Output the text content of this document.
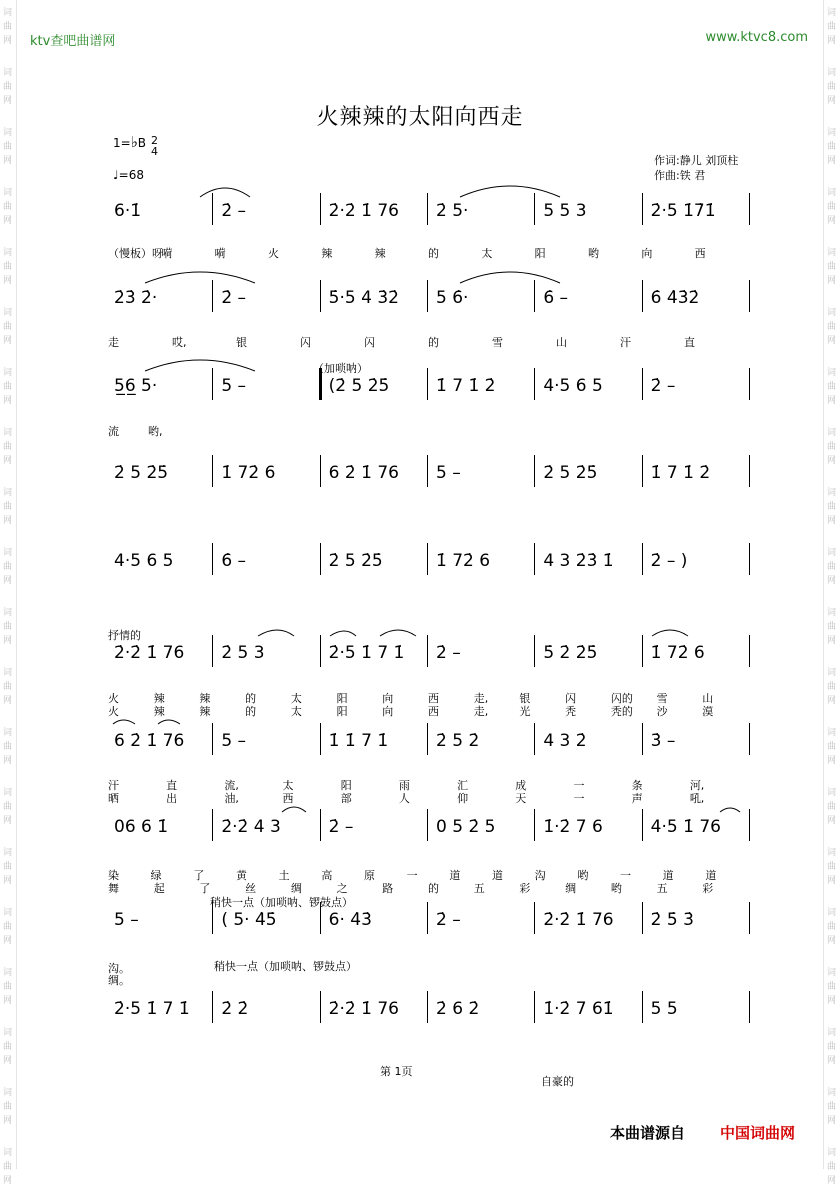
词
曲
网
词
曲
网
词
曲
网
词
曲
网
词
曲
网
词
曲
网
词
曲
网
词
曲
网
词
曲
网
词
曲
网
词
曲
网
词
曲
网
词
曲
网
词
曲
网
词
曲
网
词
曲
网
词
曲
网
词
曲
网
词
曲
网
词
曲
网
词
曲
网
词
曲
网
词
曲
网
词
曲
网
词
曲
网
词
曲
网
词
曲
网
词
曲
网
词
曲
网
词
曲
网
词
曲
网
词
曲
网
词
曲
网
词
曲
网
词
曲
网
词
曲
网
词
曲
网
词
曲
网
词
曲
网
词
曲
网
ktv查吧曲谱网	www.ktvc8.com
火辣辣的太阳向西走
1=♭B 2
4
♩=68
作词:静儿 刘顶柱
作曲:铁 君
6·1̇	2̇ –	2̇·2̇ 1̇ 76 2̇ 5·	5 5 3	2̇·5 1̇7̇1̇
2̇3̇ 2̇·	2̇ –	5̇·5 4 3̇2̇ 5 6̇·	6̇ –	6̇ 4̇3̇2̇
5̲6̲ 5·	5 –	(2̇ 5 2̇5̇	1̇ 7 1̇ 2̇	4·5 6 5	2̇ –
2̇ 5 2̇5̇	1̇ 72̇ 6	6 2̇ 1̇ 76 5 –	2̇ 5 2̇5̇	1̇ 7 1̇ 2̇
4·5 6 5	6̇ –	2̇ 5 2̇5̇	1̇ 72̇ 6	4 3 2̇3̇ 1̇ 2̇ – )
2̇·2̇ 1̇ 76 2̇ 5 3	2̇·5 1̇ 7 1̇ 2̇ –	5̇ 2̇ 2̇5̇	1̇ 72̇ 6
6 2̇ 1̇ 76 5 –	1̇ 1̇ 7 1̇	2̇ 5 2̇	4 3 2̇	3̇ –
06 6 1̇	2̇·2̇ 4 3	2̇ –	0 5 2̇ 5	1̇·2̇ 7 6	4·5 1̇ 76
5 –	( 5· 4̇5̇	6· 4̇3̇	2̇ –	2̇·2̇ 1̇ 76 2̇ 5̇ 3̇
2̇·5 1̇ 7 1̇ 2̇ 2̇	2̇·2̇ 1̇ 76 2̇ 6 2̇	1̇·2̇ 7 61̇ 5 5
（加唢呐）
抒情的
稍快一点（加唢呐、锣鼓点）
稍快一点（加唢呐、锣鼓点）
（慢板）呀
嗬	嗬	火	辣	辣	的	太	阳	哟	向	西
走	哎,	银	闪	闪	的	雪	山	汗	直
流	哟,
火	辣	辣	的	太	阳	向	西	走,	银	闪	闪的 雪	山
火	辣	辣	的	太	阳	向	西	走,	光	秃	秃的 沙	漠
汗	直	流,	太	阳	雨	汇	成	一	条	河,
晒	出	油,	西	部	人	仰	天	一	声	吼,
染	绿	了	黄	土	高	原	一	道	道	沟	哟	一	道	道
舞	起	了	丝	绸	之	路	的	五	彩	绸	哟	五	彩
沟。
绸。
第 1页
自豪的
本曲谱源自 中国词曲网
